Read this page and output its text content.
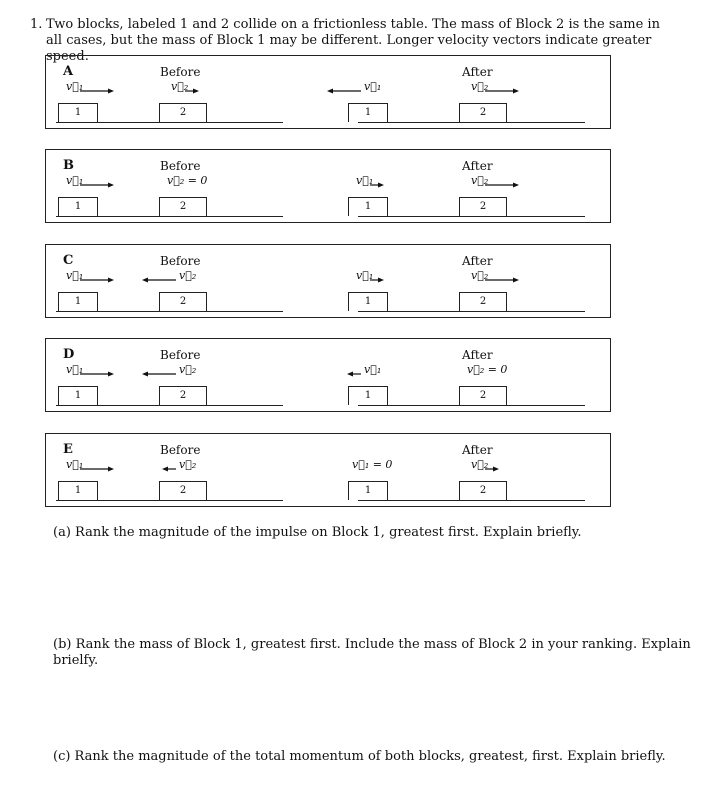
1. Two blocks, labeled 1 and 2 collide on a frictionless table. The mass of Block 2 is the same in all cases, but the mass of Block 1 may be different. Longer velocity vectors indicate greater speed.
A	Before	After
1	2
v⃗₁	v⃗₂
1	2
v⃗₁	v⃗₂
B	Before	After
1	2
v⃗₁	v⃗₂ = 0
1	2
v⃗₁	v⃗₂
C	Before	After
1	2
v⃗₁	v⃗₂
1	2
v⃗₁	v⃗₂
D	Before	After
1	2
v⃗₁	v⃗₂
1	2
v⃗₁	v⃗₂ = 0
E	Before	After
1	2
v⃗₁	v⃗₂
1	2
v⃗₁ = 0	v⃗₂
(a) Rank the magnitude of the impulse on Block 1, greatest first. Explain briefly.
(b) Rank the mass of Block 1, greatest first. Include the mass of Block 2 in your ranking. Explain brielfy.
(c) Rank the magnitude of the total momentum of both blocks, greatest, first. Explain briefly.
